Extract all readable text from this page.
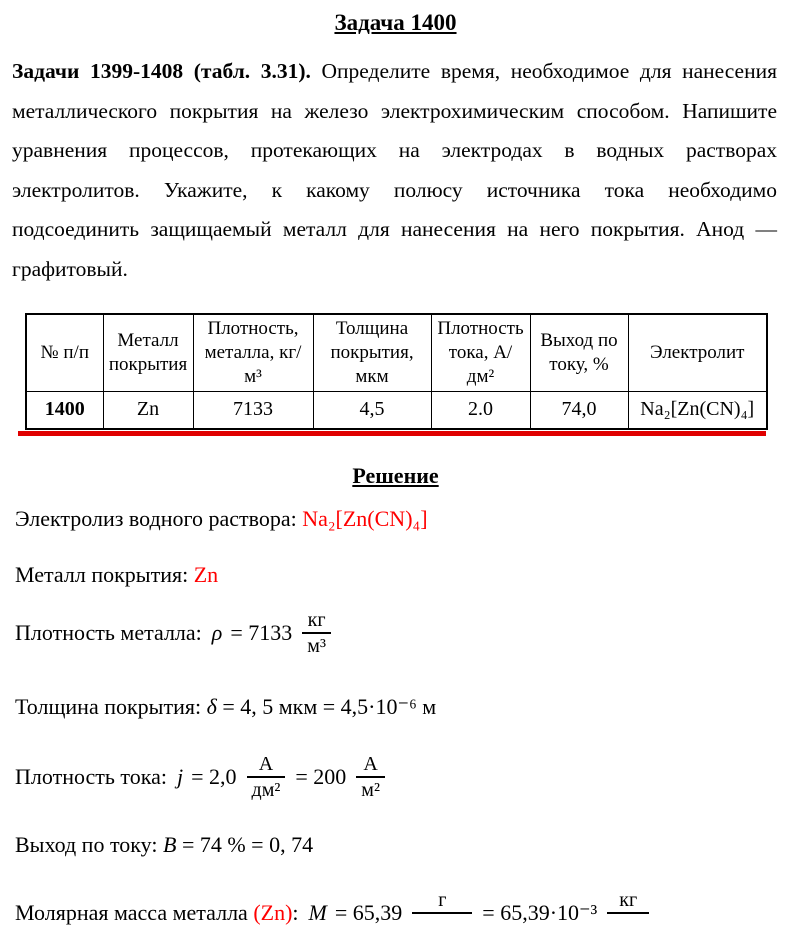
Задача 1400

Задачи 1399-1408 (табл. 3.31). Определите время, необходимое для нанесения металлического покрытия на железо электрохимическим способом. Напишите уравнения процессов, протекающих на электродах в водных растворах электролитов. Укажите, к какому полюсу источника тока необходимо подсоединить защищаемый металл для нанесения на него покрытия. Анод — графитовый.

№ п/п	Металл покрытия	Плотность, металла, кг/м³	Толщина покрытия, мкм	Плотность тока, А/дм²	Выход по току, %	Электролит
1400	Zn	7133	4,5	2.0	74,0	Na₂[Zn(CN)₄]
Решение
Электролиз водного раствора: Na₂[Zn(CN)₄]
Металл покрытия: Zn
Плотность металла: $\rho = 7133 \frac{кг}{\text{м³}}$
Толщина покрытия: δ = 4, 5 мкм = 4,5·10⁻⁶ м
Плотность тока: $j = 2,0 \frac{А}{\text{дм²}} = 200 \frac{А}{\text{м²}}$
Выход по току: B = 74 % = 0, 74
Молярная масса металла
(Zn) : M = 65,39	г
	= 65,39·10⁻³	кг
